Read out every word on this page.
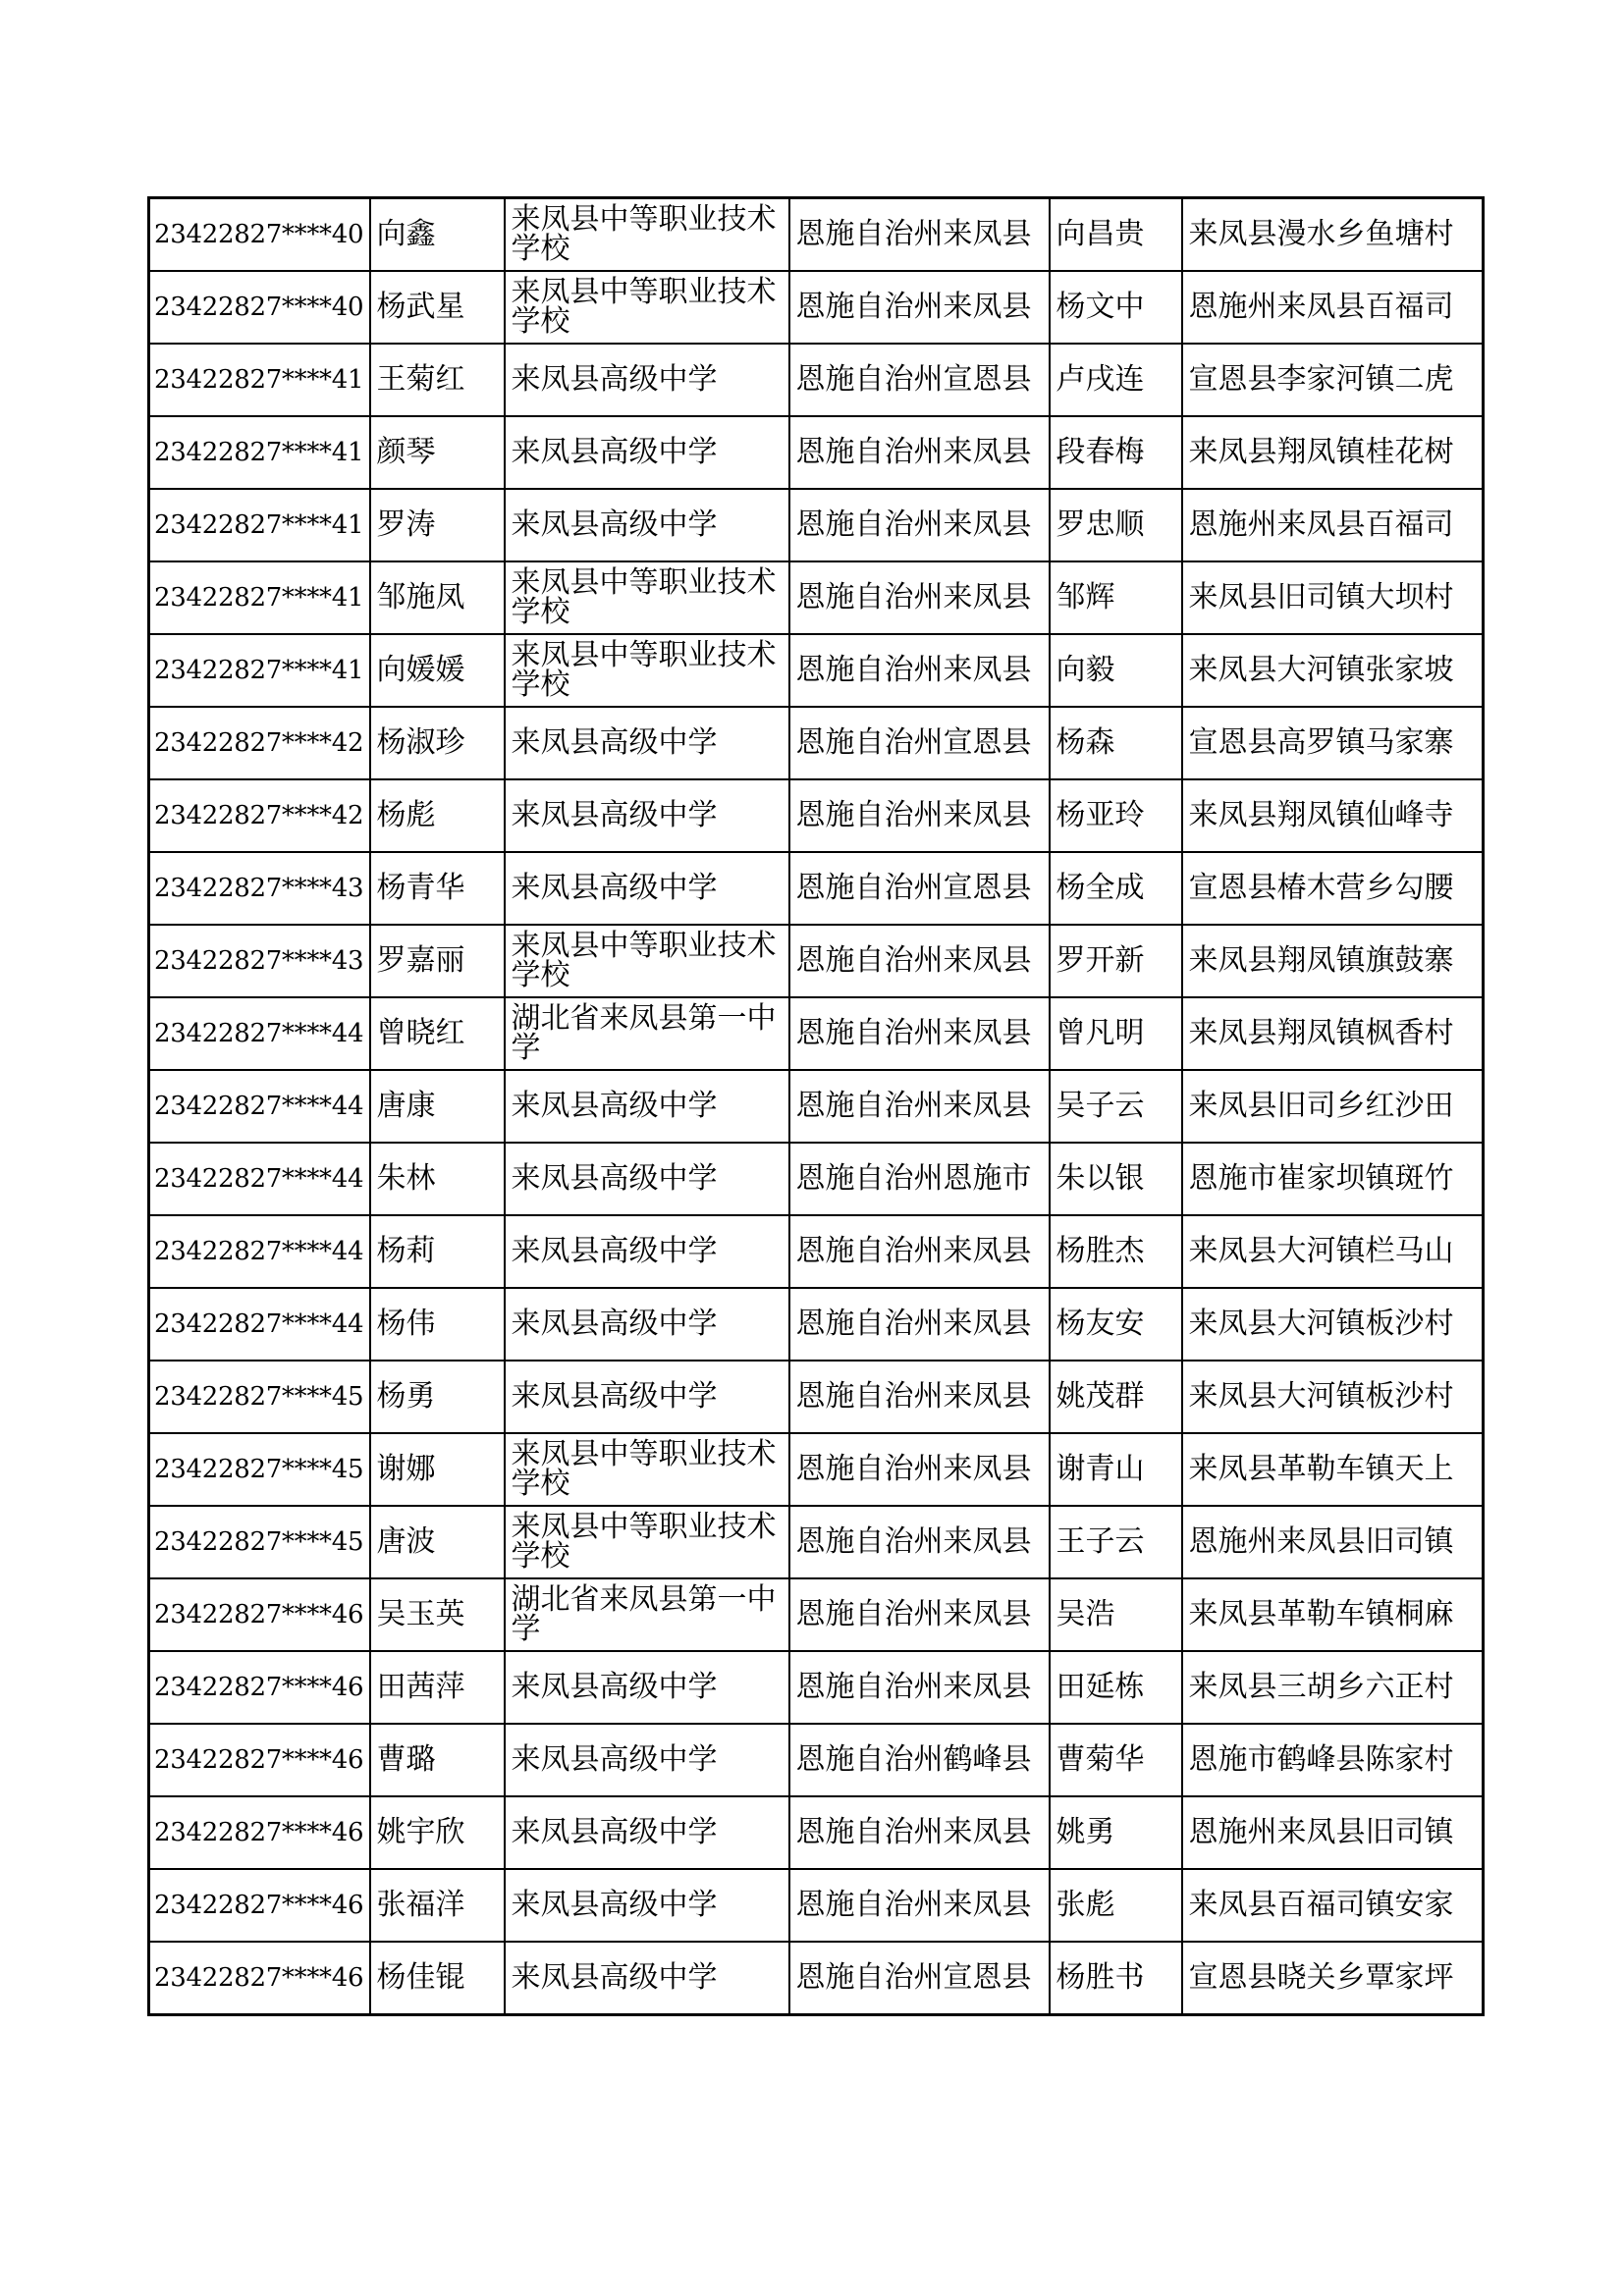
23422827****40	向鑫	来凤县中等职业技术学校	恩施自治州来凤县	向昌贵	来凤县漫水乡鱼塘村
23422827****40	杨武星	来凤县中等职业技术学校	恩施自治州来凤县	杨文中	恩施州来凤县百福司
23422827****41	王菊红	来凤县高级中学	恩施自治州宣恩县	卢戌连	宣恩县李家河镇二虎
23422827****41	颜琴	来凤县高级中学	恩施自治州来凤县	段春梅	来凤县翔凤镇桂花树
23422827****41	罗涛	来凤县高级中学	恩施自治州来凤县	罗忠顺	恩施州来凤县百福司
23422827****41	邹施凤	来凤县中等职业技术学校	恩施自治州来凤县	邹辉	来凤县旧司镇大坝村
23422827****41	向媛媛	来凤县中等职业技术学校	恩施自治州来凤县	向毅	来凤县大河镇张家坡
23422827****42	杨淑珍	来凤县高级中学	恩施自治州宣恩县	杨森	宣恩县高罗镇马家寨
23422827****42	杨彪	来凤县高级中学	恩施自治州来凤县	杨亚玲	来凤县翔凤镇仙峰寺
23422827****43	杨青华	来凤县高级中学	恩施自治州宣恩县	杨全成	宣恩县椿木营乡勾腰
23422827****43	罗嘉丽	来凤县中等职业技术学校	恩施自治州来凤县	罗开新	来凤县翔凤镇旗鼓寨
23422827****44	曾晓红	湖北省来凤县第一中学	恩施自治州来凤县	曾凡明	来凤县翔凤镇枫香村
23422827****44	唐康	来凤县高级中学	恩施自治州来凤县	吴子云	来凤县旧司乡红沙田
23422827****44	朱林	来凤县高级中学	恩施自治州恩施市	朱以银	恩施市崔家坝镇斑竹
23422827****44	杨莉	来凤县高级中学	恩施自治州来凤县	杨胜杰	来凤县大河镇栏马山
23422827****44	杨伟	来凤县高级中学	恩施自治州来凤县	杨友安	来凤县大河镇板沙村
23422827****45	杨勇	来凤县高级中学	恩施自治州来凤县	姚茂群	来凤县大河镇板沙村
23422827****45	谢娜	来凤县中等职业技术学校	恩施自治州来凤县	谢青山	来凤县革勒车镇天上
23422827****45	唐波	来凤县中等职业技术学校	恩施自治州来凤县	王子云	恩施州来凤县旧司镇
23422827****46	吴玉英	湖北省来凤县第一中学	恩施自治州来凤县	吴浩	来凤县革勒车镇桐麻
23422827****46	田茜萍	来凤县高级中学	恩施自治州来凤县	田延栋	来凤县三胡乡六正村
23422827****46	曹璐	来凤县高级中学	恩施自治州鹤峰县	曹菊华	恩施市鹤峰县陈家村
23422827****46	姚宇欣	来凤县高级中学	恩施自治州来凤县	姚勇	恩施州来凤县旧司镇
23422827****46	张福洋	来凤县高级中学	恩施自治州来凤县	张彪	来凤县百福司镇安家
23422827****46	杨佳锟	来凤县高级中学	恩施自治州宣恩县	杨胜书	宣恩县晓关乡覃家坪
